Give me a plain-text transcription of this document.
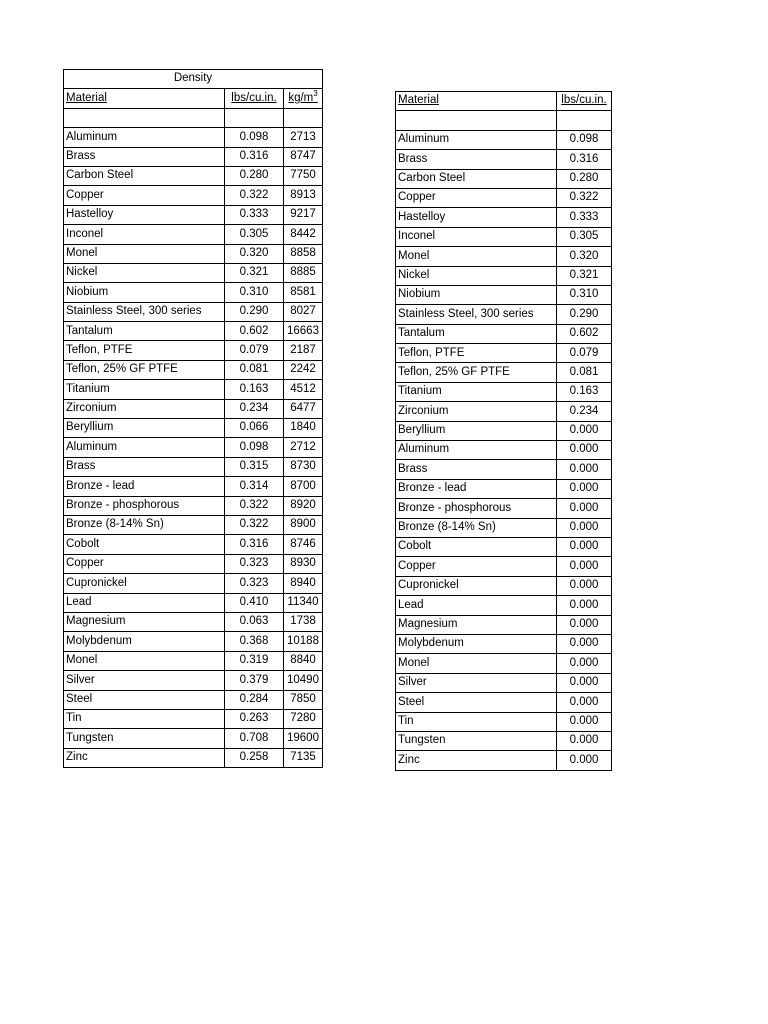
Density		
Material	lbs/cu.in.	$kg/m^3$

Aluminum	0.098	2713
Brass	0.316	8747
Carbon Steel	0.280	7750
Copper	0.322	8913
Hastelloy	0.333	9217
Inconel	0.305	8442
Monel	0.320	8858
Nickel	0.321	8885
Niobium	0.310	8581
Stainless Steel, 300 series	0.290	8027
Tantalum	0.602	16663
Teflon, PTFE	0.079	2187
Teflon, 25% GF PTFE	0.081	2242
Titanium	0.163	4512
Zirconium	0.234	6477
Beryllium	0.066	1840
Aluminum	0.098	2712
Brass	0.315	8730
Bronze - lead	0.314	8700
Bronze - phosphorous	0.322	8920
Bronze (8-14% Sn)	0.322	8900
Cobolt	0.316	8746
Copper	0.323	8930
Cupronickel	0.323	8940
Lead	0.410	11340
Magnesium	0.063	1738
Molybdenum	0.368	10188
Monel	0.319	8840
Silver	0.379	10490
Steel	0.284	7850
Tin	0.263	7280
Tungsten	0.708	19600
Zinc	0.258	7135
Material	lbs/cu.in.

Aluminum	0.098
Brass	0.316
Carbon Steel	0.280
Copper	0.322
Hastelloy	0.333
Inconel	0.305
Monel	0.320
Nickel	0.321
Niobium	0.310
Stainless Steel, 300 series	0.290
Tantalum	0.602
Teflon, PTFE	0.079
Teflon, 25% GF PTFE	0.081
Titanium	0.163
Zirconium	0.234
Beryllium	0.000
Aluminum	0.000
Brass	0.000
Bronze - lead	0.000
Bronze - phosphorous	0.000
Bronze (8-14% Sn)	0.000
Cobolt	0.000
Copper	0.000
Cupronickel	0.000
Lead	0.000
Magnesium	0.000
Molybdenum	0.000
Monel	0.000
Silver	0.000
Steel	0.000
Tin	0.000
Tungsten	0.000
Zinc	0.000
